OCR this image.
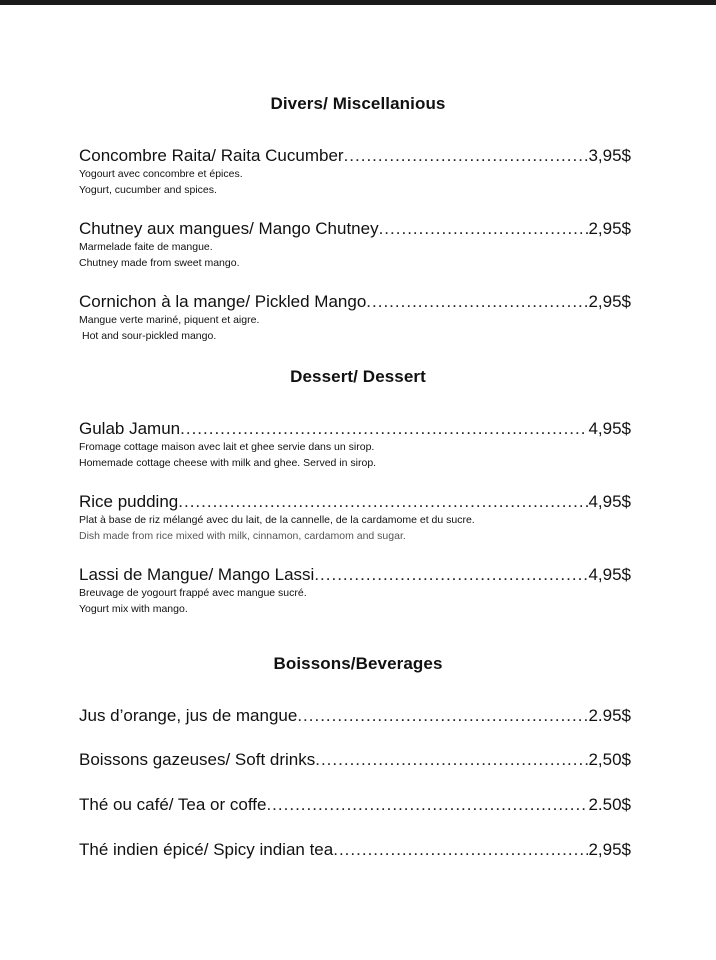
Divers/ Miscellanious
Concombre Raita/ Raita Cucumber .....	3,95$
Yogourt avec concombre et épices.
Yogurt, cucumber and spices.
Chutney aux mangues/ Mango Chutney .....	2,95$
Marmelade faite de mangue.
Chutney made from sweet mango.
Cornichon à la mange/ Pickled Mango .....	2,95$
Mangue verte mariné, piquent et aigre.
Hot and sour-pickled mango.
Dessert/ Dessert
Gulab Jamun .....	4,95$
Fromage cottage maison avec lait et ghee servie dans un sirop.
Homemade cottage cheese with milk and ghee. Served in sirop.
Rice pudding .....	4,95$
Plat à base de riz mélangé avec du lait, de la cannelle, de la cardamome et du sucre.
Dish made from rice mixed with milk, cinnamon, cardamom and sugar.
Lassi de Mangue/ Mango Lassi .....	4,95$
Breuvage de yogourt frappé avec mangue sucré.
Yogurt mix with mango.
Boissons/Beverages
Jus d’orange, jus de mangue .....	2.95$
Boissons gazeuses/ Soft drinks .....	2,50$
Thé ou café/ Tea or coffe .....	2.50$
Thé indien épicé/ Spicy indian tea .....	2,95$
